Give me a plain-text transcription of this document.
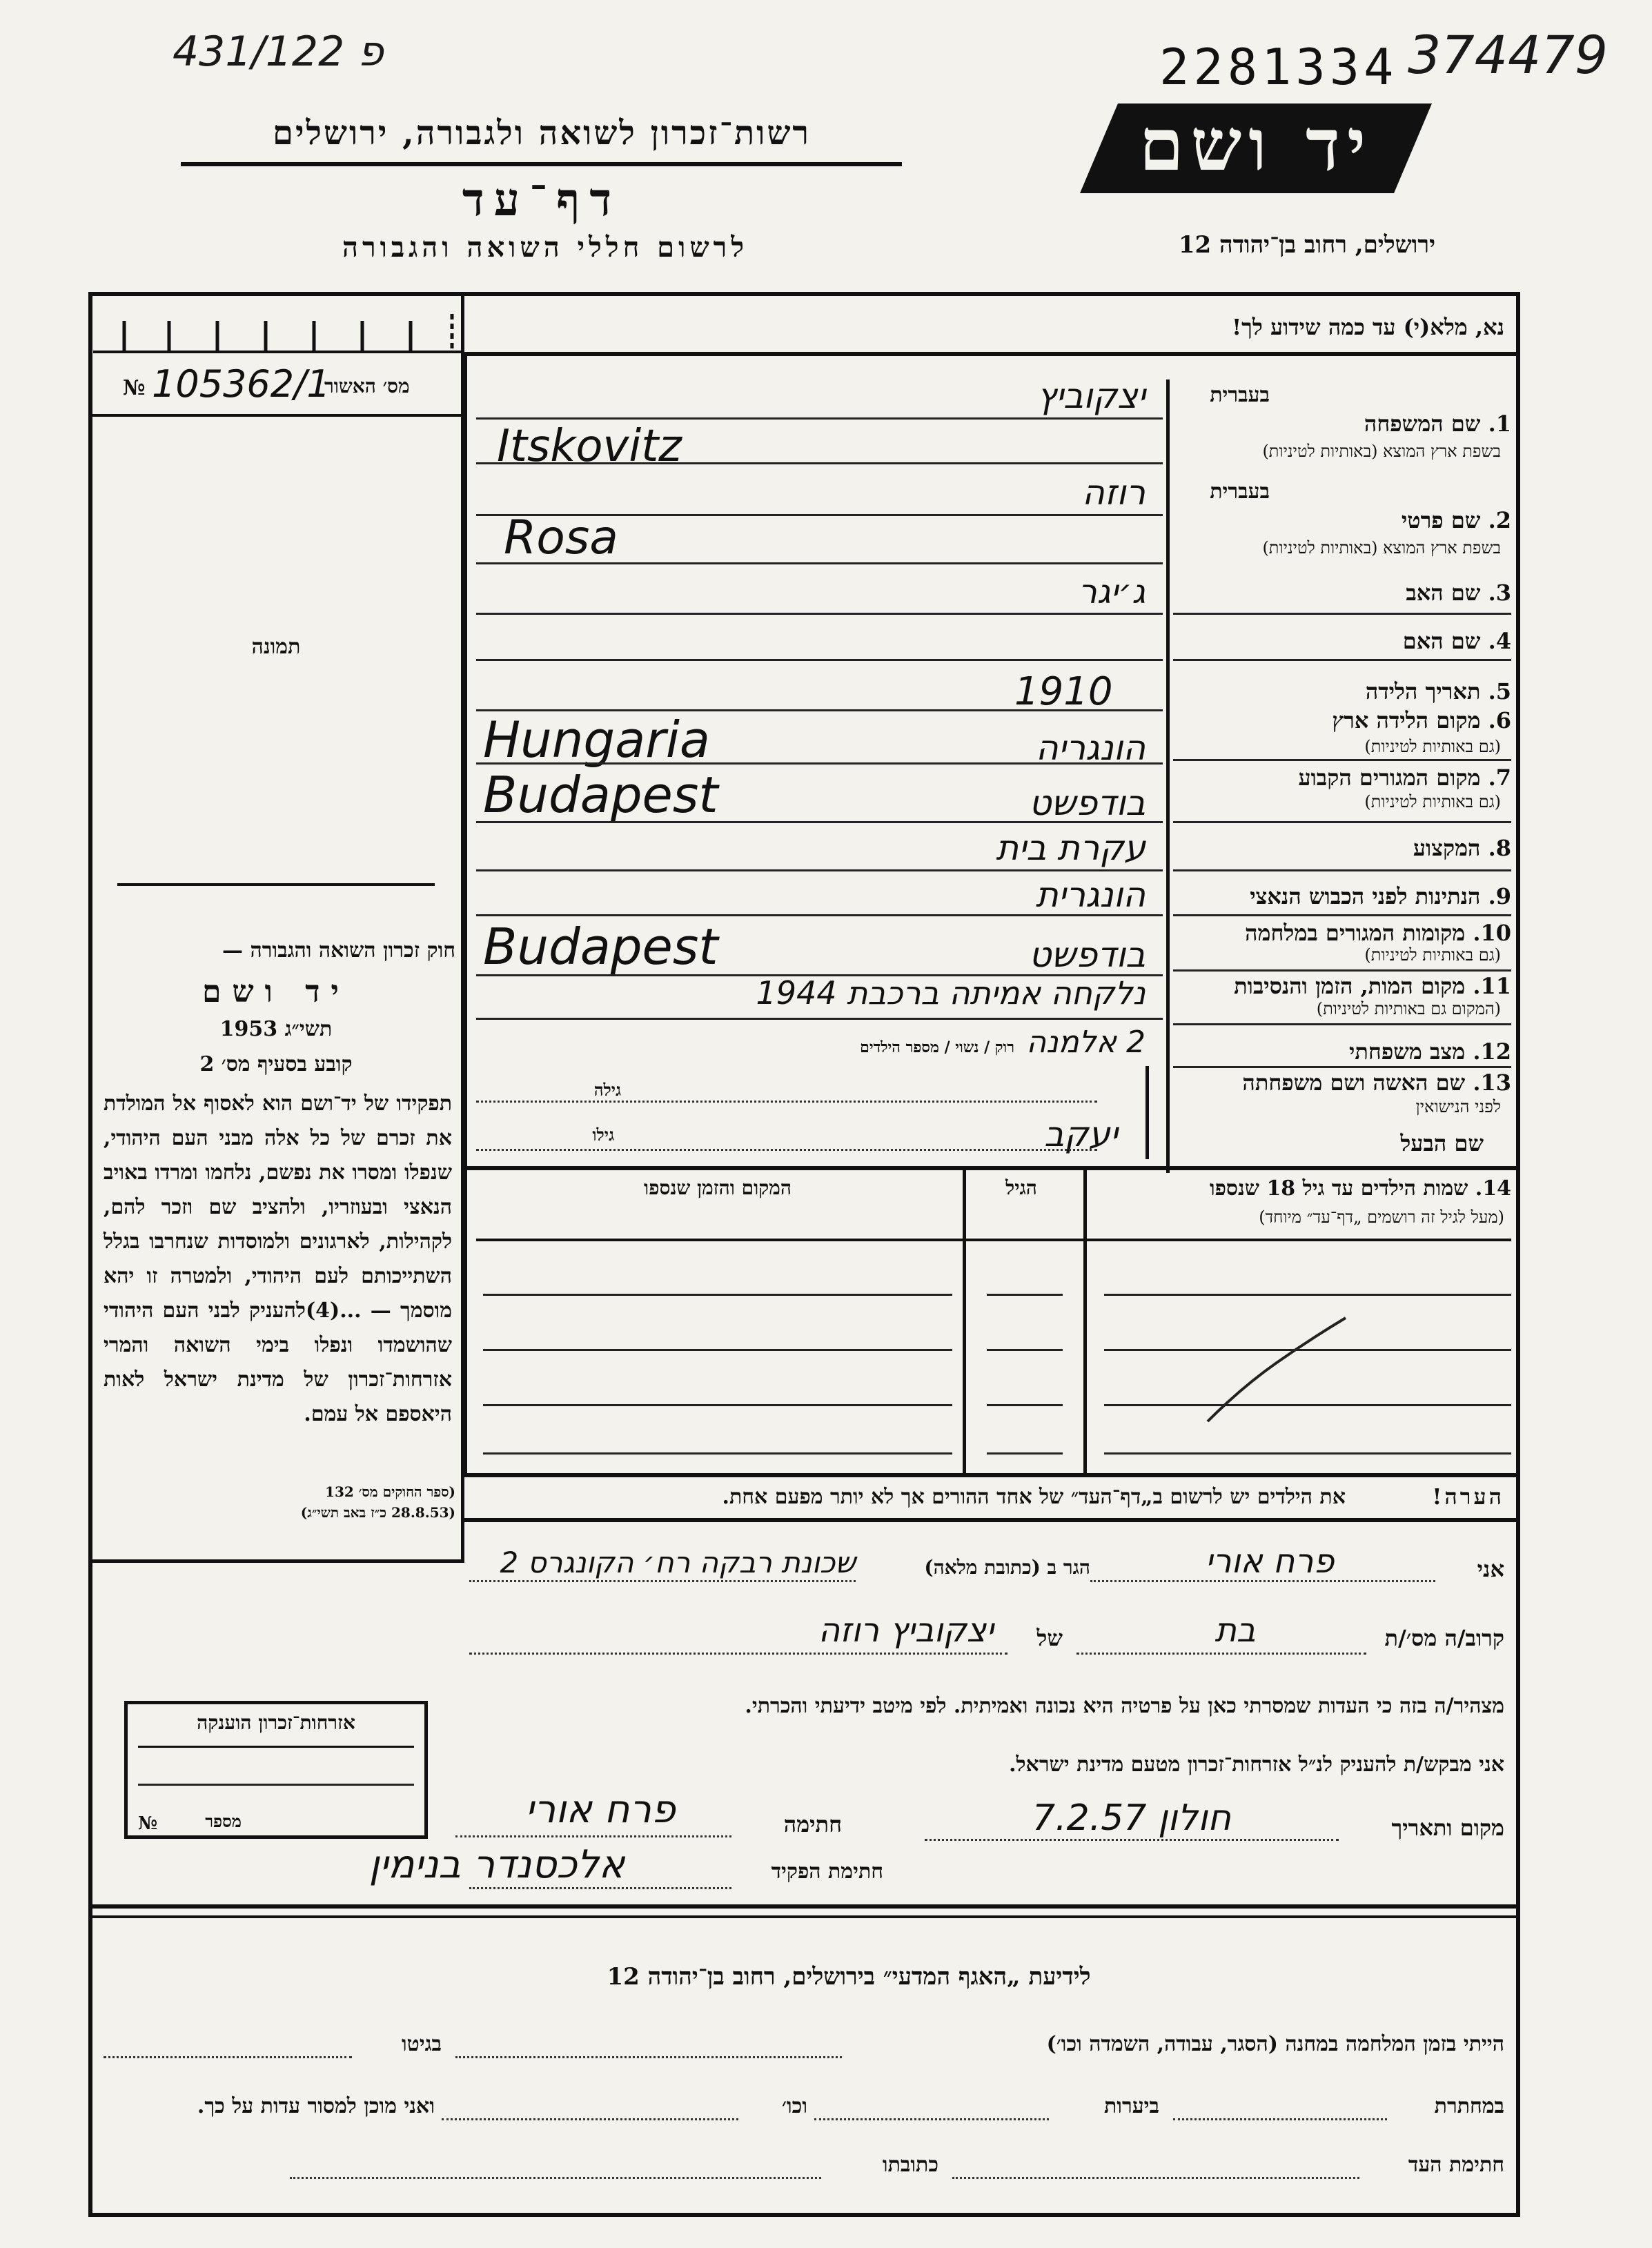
431/122 פ	2281334 374479
רשות־זכרון לשואה ולגבורה, ירושלים
דף־עד
לרשום חללי השואה והגבורה
יד ושם
ירושלים, רחוב בן־יהודה 12
מס׳ האשור
№ 105362/1
תמונה
חוק זכרון השואה והגבורה —
יד ושם
תשי״ג 1953
קובע בסעיף מס׳ 2
תפקידו של יד־ושם הוא לאסוף אל המולדת את זכרם של כל אלה מבני העם היהודי, שנפלו ומסרו את נפשם, נלחמו ומרדו באויב הנאצי ובעוזריו, ולהציב שם וזכר להם, לקהילות, לארגונים ולמוסדות שנחרבו בגלל השתייכותם לעם היהודי, ולמטרה זו יהא מוסמך — ...(4)להעניק לבני העם היהודי שהושמדו ונפלו בימי השואה והמרי אזרחות־זכרון של מדינת ישראל לאות היאספם אל עמם.
(ספר החוקים מס׳ 132
(28.8.53 כ״ז באב תשי״ג)
נא, מלא(י) עד כמה שידוע לך!
בעברית
1. שם המשפחה
בשפת ארץ המוצא (באותיות לטיניות)
יצקוביץ
Itskovitz
בעברית
2. שם פרטי
בשפת ארץ המוצא (באותיות לטיניות)
רוזה
Rosa
3. שם האב
ג׳יגר
4. שם האם
5. תאריך הלידה
1910
6. מקום הלידה ארץ
(גם באותיות לטיניות)
הונגריה
Hungaria
7. מקום המגורים הקבוע
(גם באותיות לטיניות)
בודפשט
Budapest
8. המקצוע
עקרת בית
9. הנתינות לפני הכבוש הנאצי
הונגרית
10. מקומות המגורים במלחמה
(גם באותיות לטיניות)
בודפשט
Budapest
11. מקום המות, הזמן והנסיבות
(המקום גם באותיות לטיניות)
נלקחה אמיתה ברכבת 1944
12. מצב משפחתי
רוק / נשוי / מספר הילדים 2 אלמנה
13. שם האשה ושם משפחתה
לפני הנישואין
גילה
שם הבעל
גילו	יעקב
14. שמות הילדים עד גיל 18 שנספו
(מעל לגיל זה רושמים „דף־עד״ מיוחד)
הגיל
המקום והזמן שנספו
הערה!
את הילדים יש לרשום ב„דף־העד״ של אחד ההורים אך לא יותר מפעם אחת.
אני
פרח אורי
הגר ב (כתובת מלאה)
שכונת רבקה רח׳ הקונגרס 2
קרוב/ה מס׳/ת
בת
של
יצקוביץ רוזה
מצהיר/ה בזה כי העדות שמסרתי כאן על פרטיה היא נכונה ואמיתית. לפי מיטב ידיעתי והכרתי.
אני מבקש/ת להעניק לנ״ל אזרחות־זכרון מטעם מדינת ישראל.
מקום ותאריך
חולון 7.2.57
חתימה
פרח אורי
חתימת הפקיד
אלכסנדר בנימין
אזרחות־זכרון הוענקה
מספר
№
לידיעת „האגף המדעי״ בירושלים, רחוב בן־יהודה 12
הייתי בזמן המלחמה במחנה (הסגר, עבודה, השמדה וכו׳)
בגיטו
במחתרת
ביערות
וכו׳
ואני מוכן למסור עדות על כך.
חתימת העד
כתובתו
